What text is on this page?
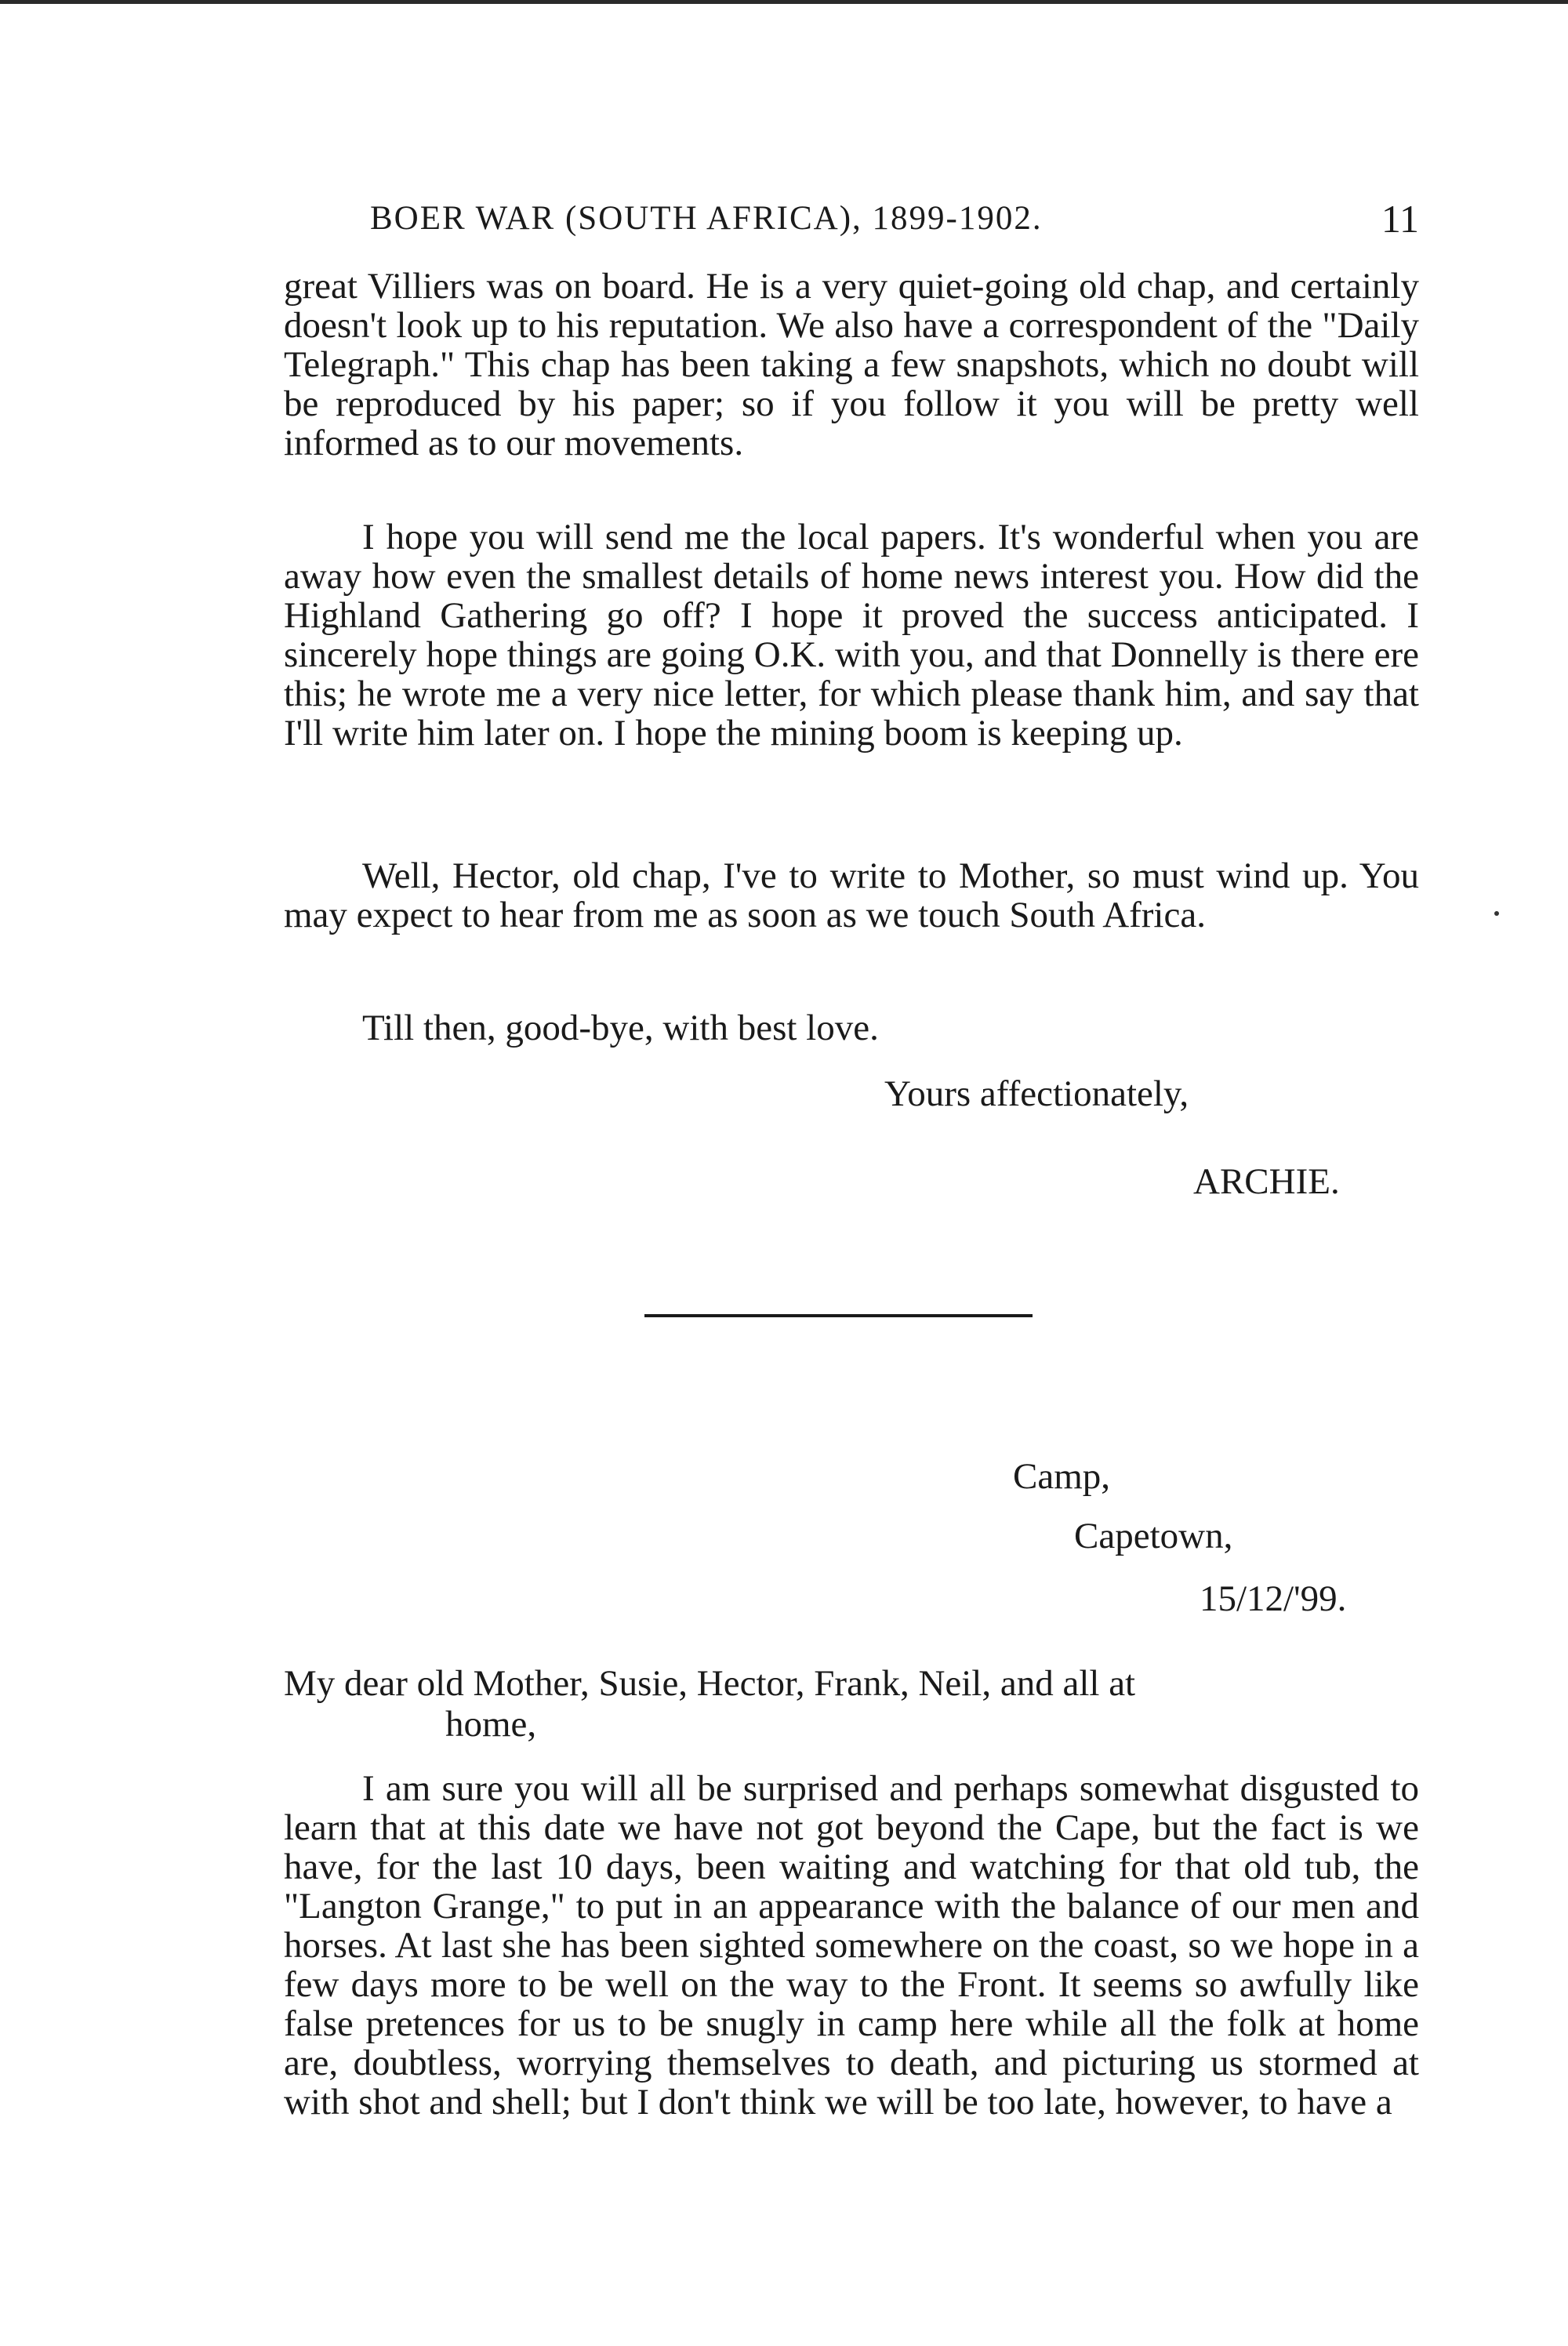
BOER WAR (SOUTH AFRICA), 1899-1902.	11

great Villiers was on board. He is a very quiet-going old chap, and certainly doesn't look up to his reputation. We also have a correspondent of the "Daily Telegraph." This chap has been taking a few snapshots, which no doubt will be reproduced by his paper; so if you follow it you will be pretty well informed as to our movements.

I hope you will send me the local papers. It's wonderful when you are away how even the smallest details of home news interest you. How did the Highland Gathering go off? I hope it proved the success anticipated. I sincerely hope things are going O.K. with you, and that Donnelly is there ere this; he wrote me a very nice letter, for which please thank him, and say that I'll write him later on. I hope the mining boom is keeping up.

Well, Hector, old chap, I've to write to Mother, so must wind up. You may expect to hear from me as soon as we touch South Africa.

Till then, good-bye, with best love.

Yours affectionately,
ARCHIE.
Camp,
Capetown,
15/12/'99.
My dear old Mother, Susie, Hector, Frank, Neil, and all at
home,

I am sure you will all be surprised and perhaps somewhat disgusted to learn that at this date we have not got beyond the Cape, but the fact is we have, for the last 10 days, been waiting and watching for that old tub, the "Langton Grange," to put in an appearance with the balance of our men and horses. At last she has been sighted somewhere on the coast, so we hope in a few days more to be well on the way to the Front. It seems so awfully like false pretences for us to be snugly in camp here while all the folk at home are, doubtless, worrying themselves to death, and picturing us stormed at with shot and shell; but I don't think we will be too late, however, to have a
